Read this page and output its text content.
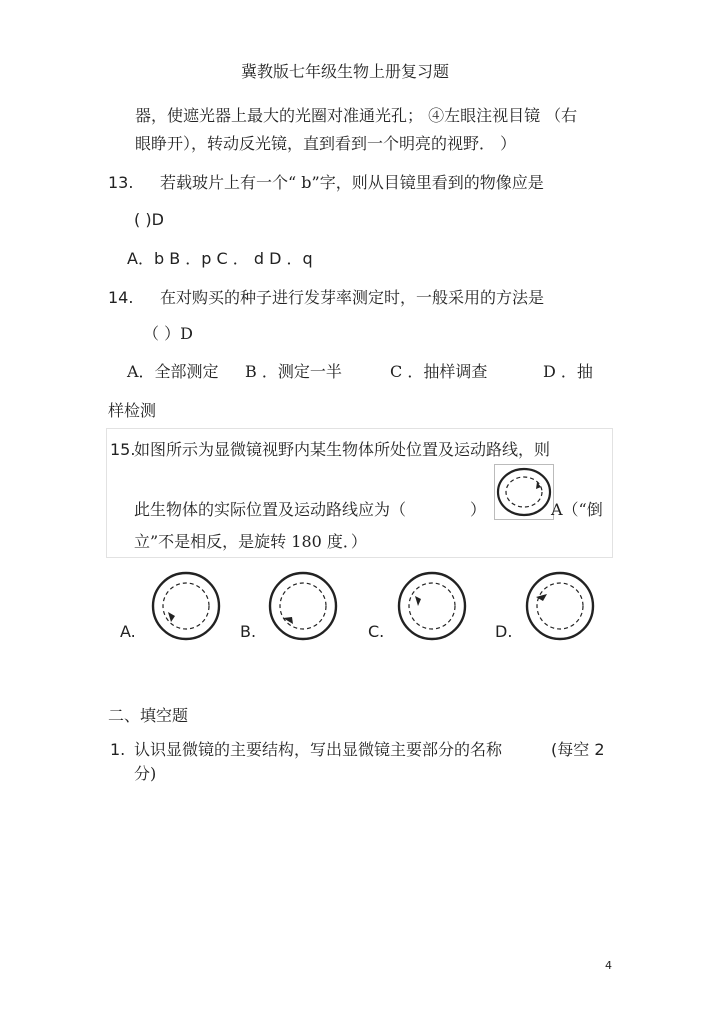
冀教版七年级生物上册复习题
器，使遮光器上最大的光圈对准通光孔； ④左眼注视目镜 （右
眼睁开），转动反光镜，直到看到一个明亮的视野． ）
13. 若载玻片上有一个“ b”字，则从目镜里看到的物像应是
( )D
A．b B ．p C ． d D ．q
14. 在对购买的种子进行发芽率测定时，一般采用的方法是
（ ）D
A．全部测定 B ．测定一半	C ．抽样调查	D ．抽
样检测
15.
如图所示为显微镜视野内某生物体所处位置及运动路线，则
此生物体的实际位置及运动路线应为（	）	A（“倒
立”不是相反，是旋转 180 度．）
A.	B.	C.	D.
二、填空题
1. 认识显微镜的主要结构，写出显微镜主要部分的名称	(每空 2
分)
4
